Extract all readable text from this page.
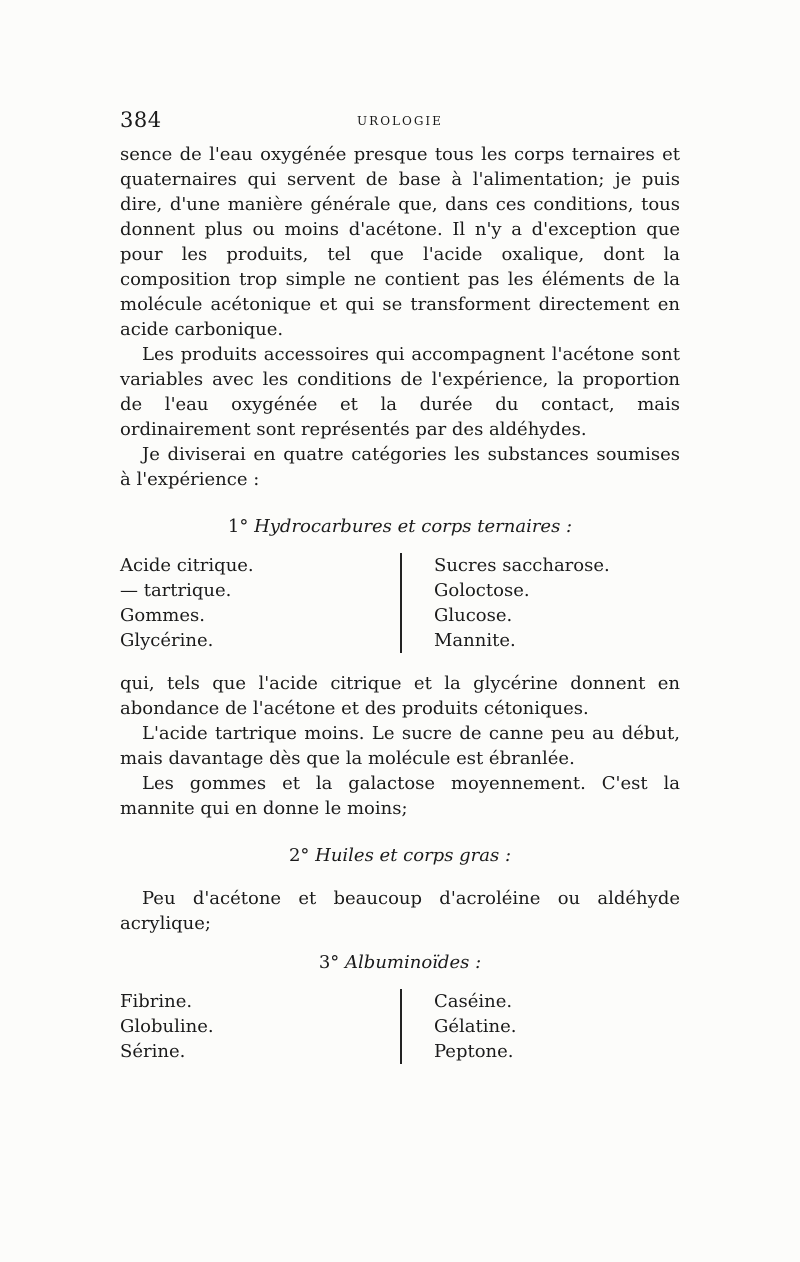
384	UROLOGIE

sence de l'eau oxygénée presque tous les corps ternaires et quaternaires qui servent de base à l'alimentation; je puis dire, d'une manière générale que, dans ces conditions, tous donnent plus ou moins d'acétone. Il n'y a d'exception que pour les produits, tel que l'acide oxalique, dont la composition trop simple ne contient pas les éléments de la molécule acétonique et qui se transforment directement en acide carbonique.

Les produits accessoires qui accompagnent l'acétone sont variables avec les conditions de l'expérience, la proportion de l'eau oxygénée et la durée du contact, mais ordinairement sont représentés par des aldéhydes.

Je diviserai en quatre catégories les substances soumises à l'expérience :

1° Hydrocarbures et corps ternaires :
Acide citrique.
— tartrique.
Gommes.
Glycérine.
Sucres saccharose.
Goloctose.
Glucose.
Mannite.

qui, tels que l'acide citrique et la glycérine donnent en abondance de l'acétone et des produits cétoniques.

L'acide tartrique moins. Le sucre de canne peu au début, mais davantage dès que la molécule est ébranlée.

Les gommes et la galactose moyennement. C'est la mannite qui en donne le moins;

2° Huiles et corps gras :

Peu d'acétone et beaucoup d'acroléine ou aldéhyde acrylique;

3° Albuminoïdes :
Fibrine.
Globuline.
Sérine.
Caséine.
Gélatine.
Peptone.
